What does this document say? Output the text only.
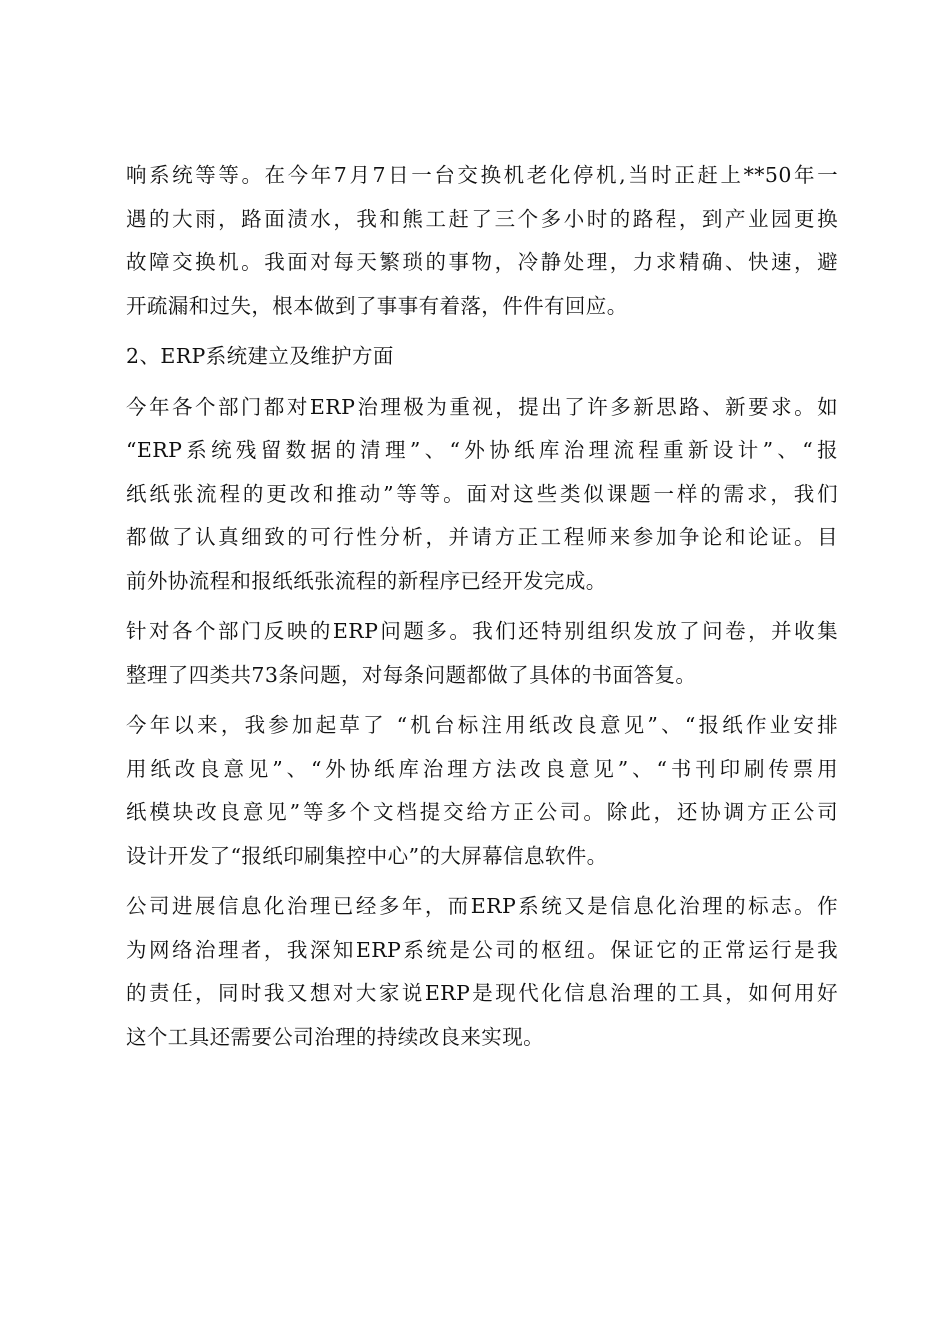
响系统等等。在今年7月7日一台交换机老化停机,当时正赶上**50年一
遇的大雨，路面渍水，我和熊工赶了三个多小时的路程，到产业园更换
故障交换机。我面对每天繁琐的事物，冷静处理，力求精确、快速，避
开疏漏和过失，根本做到了事事有着落，件件有回应。
2、ERP系统建立及维护方面
今年各个部门都对ERP治理极为重视，提出了许多新思路、新要求。如
“ERP系统残留数据的清理”、“外协纸库治理流程重新设计”、“报
纸纸张流程的更改和推动”等等。面对这些类似课题一样的需求，我们
都做了认真细致的可行性分析，并请方正工程师来参加争论和论证。目
前外协流程和报纸纸张流程的新程序已经开发完成。
针对各个部门反映的ERP问题多。我们还特别组织发放了问卷，并收集
整理了四类共73条问题，对每条问题都做了具体的书面答复。
今年以来，我参加起草了 “机台标注用纸改良意见”、“报纸作业安排
用纸改良意见”、“外协纸库治理方法改良意见”、“书刊印刷传票用
纸模块改良意见”等多个文档提交给方正公司。除此，还协调方正公司
设计开发了“报纸印刷集控中心”的大屏幕信息软件。
公司进展信息化治理已经多年，而ERP系统又是信息化治理的标志。作
为网络治理者，我深知ERP系统是公司的枢纽。保证它的正常运行是我
的责任，同时我又想对大家说ERP是现代化信息治理的工具，如何用好
这个工具还需要公司治理的持续改良来实现。
